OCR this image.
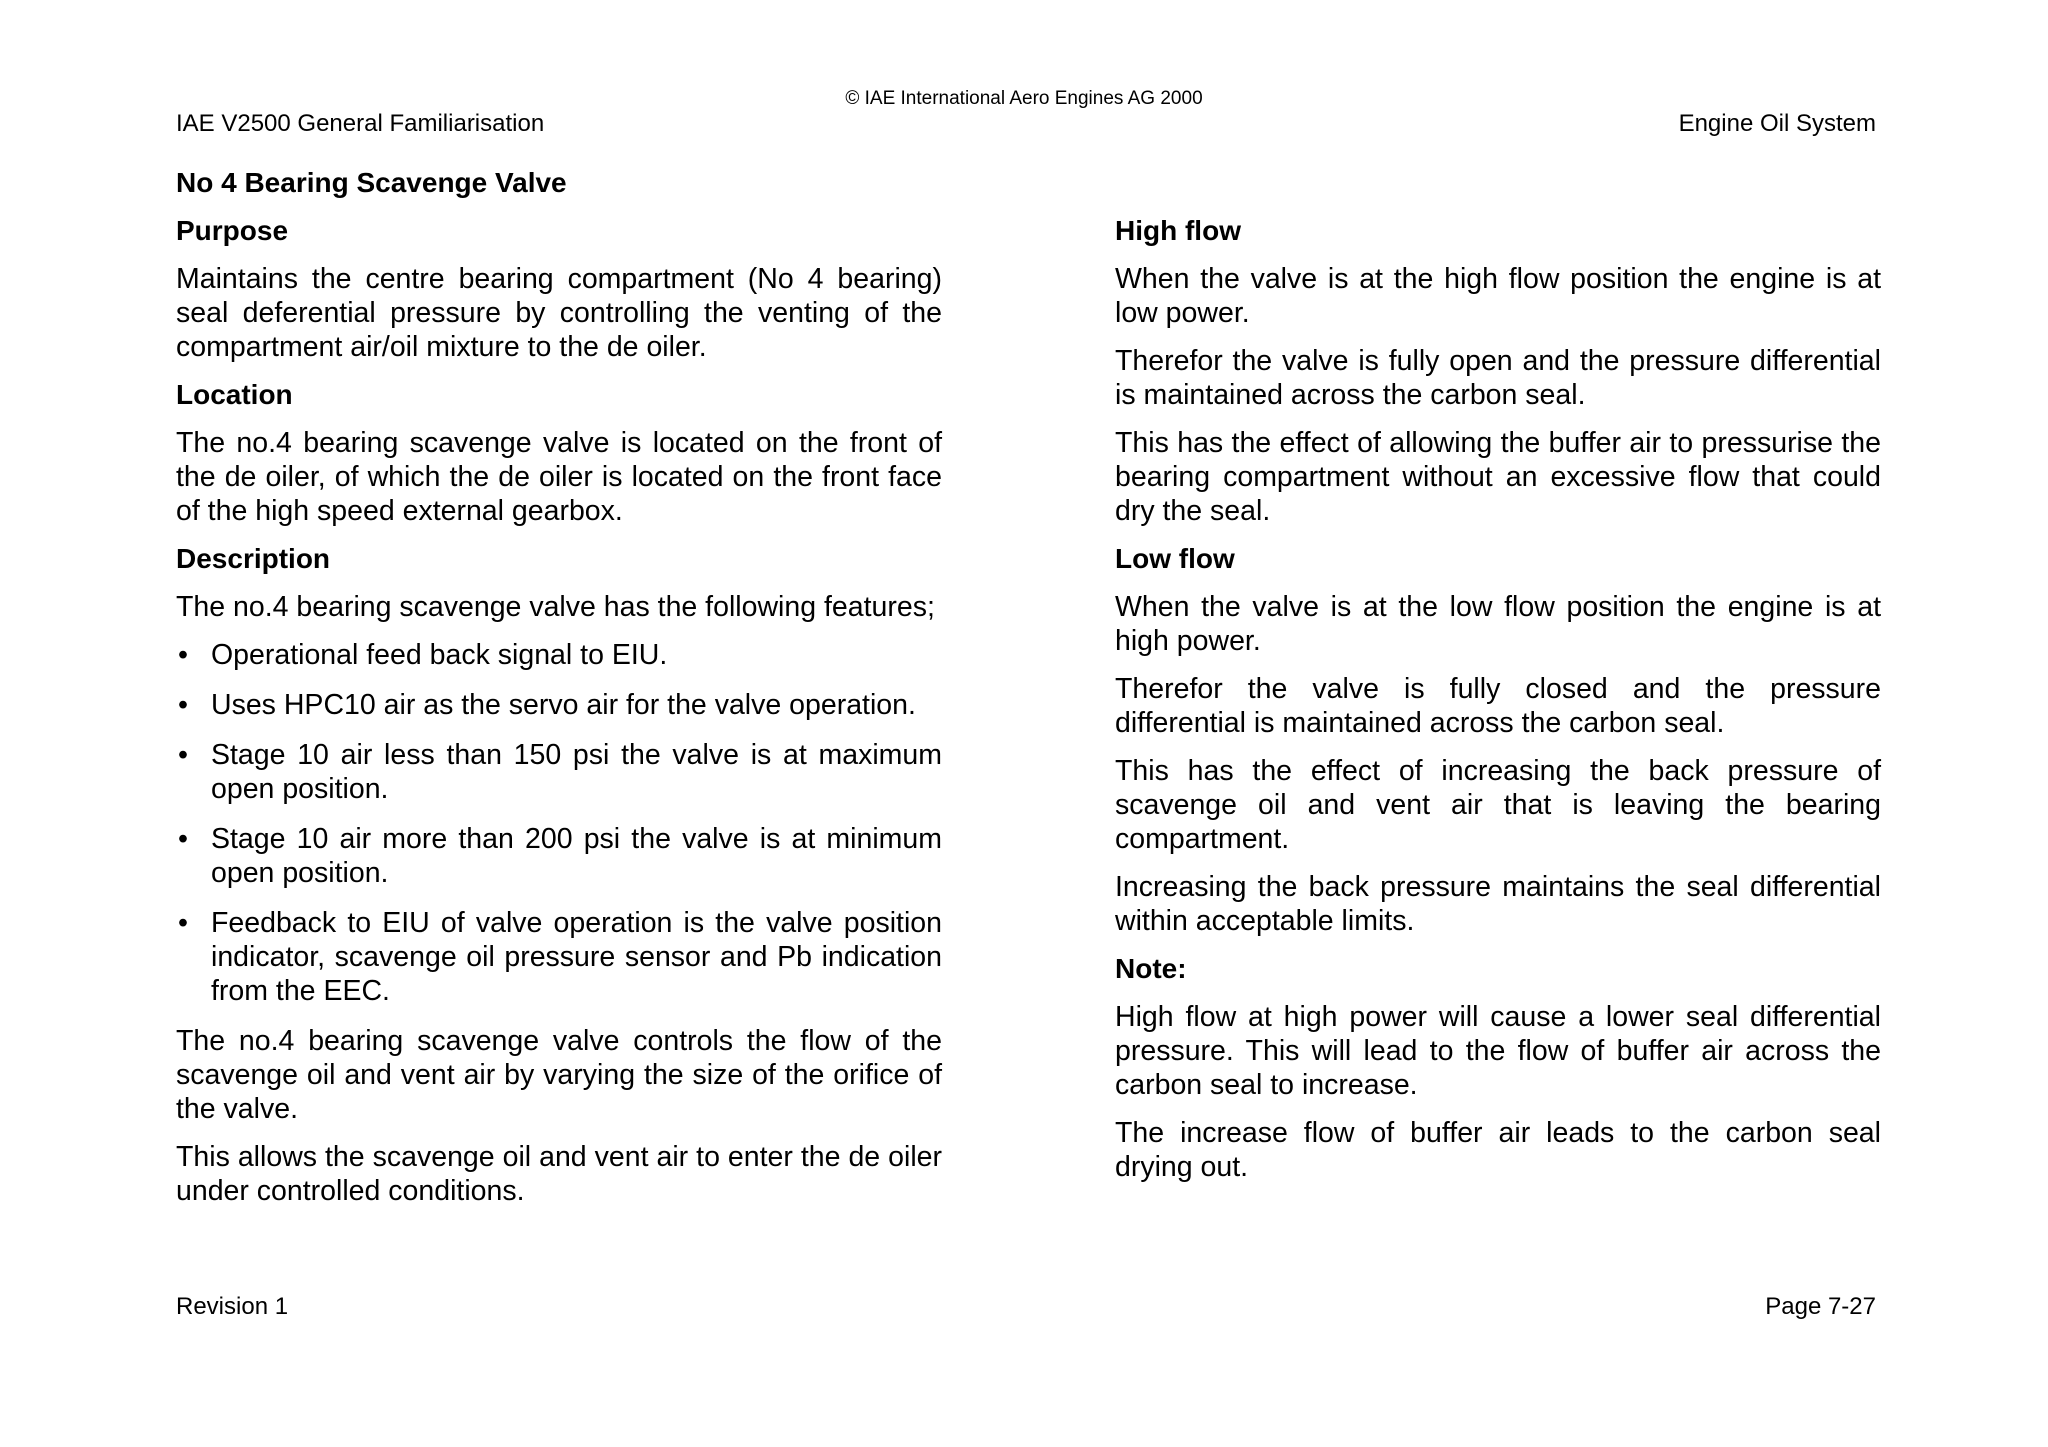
© IAE International Aero Engines AG 2000
IAE V2500 General Familiarisation	Engine Oil System
No 4 Bearing Scavenge Valve
Purpose

Maintains the centre bearing compartment (No 4 bearing) seal deferential pressure by controlling the venting of the compartment air/oil mixture to the de oiler.

Location

The no.4 bearing scavenge valve is located on the front of the de oiler, of which the de oiler is located on the front face of the high speed external gearbox.

Description

The no.4 bearing scavenge valve has the following features;

• Operational feed back signal to EIU.
• Uses HPC10 air as the servo air for the valve operation.
• Stage 10 air less than 150 psi the valve is at maximum open position.
• Stage 10 air more than 200 psi the valve is at minimum open position.
• Feedback to EIU of valve operation is the valve position indicator, scavenge oil pressure sensor and Pb indication from the EEC.

The no.4 bearing scavenge valve controls the flow of the scavenge oil and vent air by varying the size of the orifice of the valve.

This allows the scavenge oil and vent air to enter the de oiler under controlled conditions.

High flow

When the valve is at the high flow position the engine is at low power.

Therefor the valve is fully open and the pressure differential is maintained across the carbon seal.

This has the effect of allowing the buffer air to pressurise the bearing compartment without an excessive flow that could dry the seal.

Low flow

When the valve is at the low flow position the engine is at high power.

Therefor the valve is fully closed and the pressure differential is maintained across the carbon seal.

This has the effect of increasing the back pressure of scavenge oil and vent air that is leaving the bearing compartment.

Increasing the back pressure maintains the seal differential within acceptable limits.

Note:

High flow at high power will cause a lower seal differential pressure. This will lead to the flow of buffer air across the carbon seal to increase.

The increase flow of buffer air leads to the carbon seal drying out.

Revision 1	Page 7-27
